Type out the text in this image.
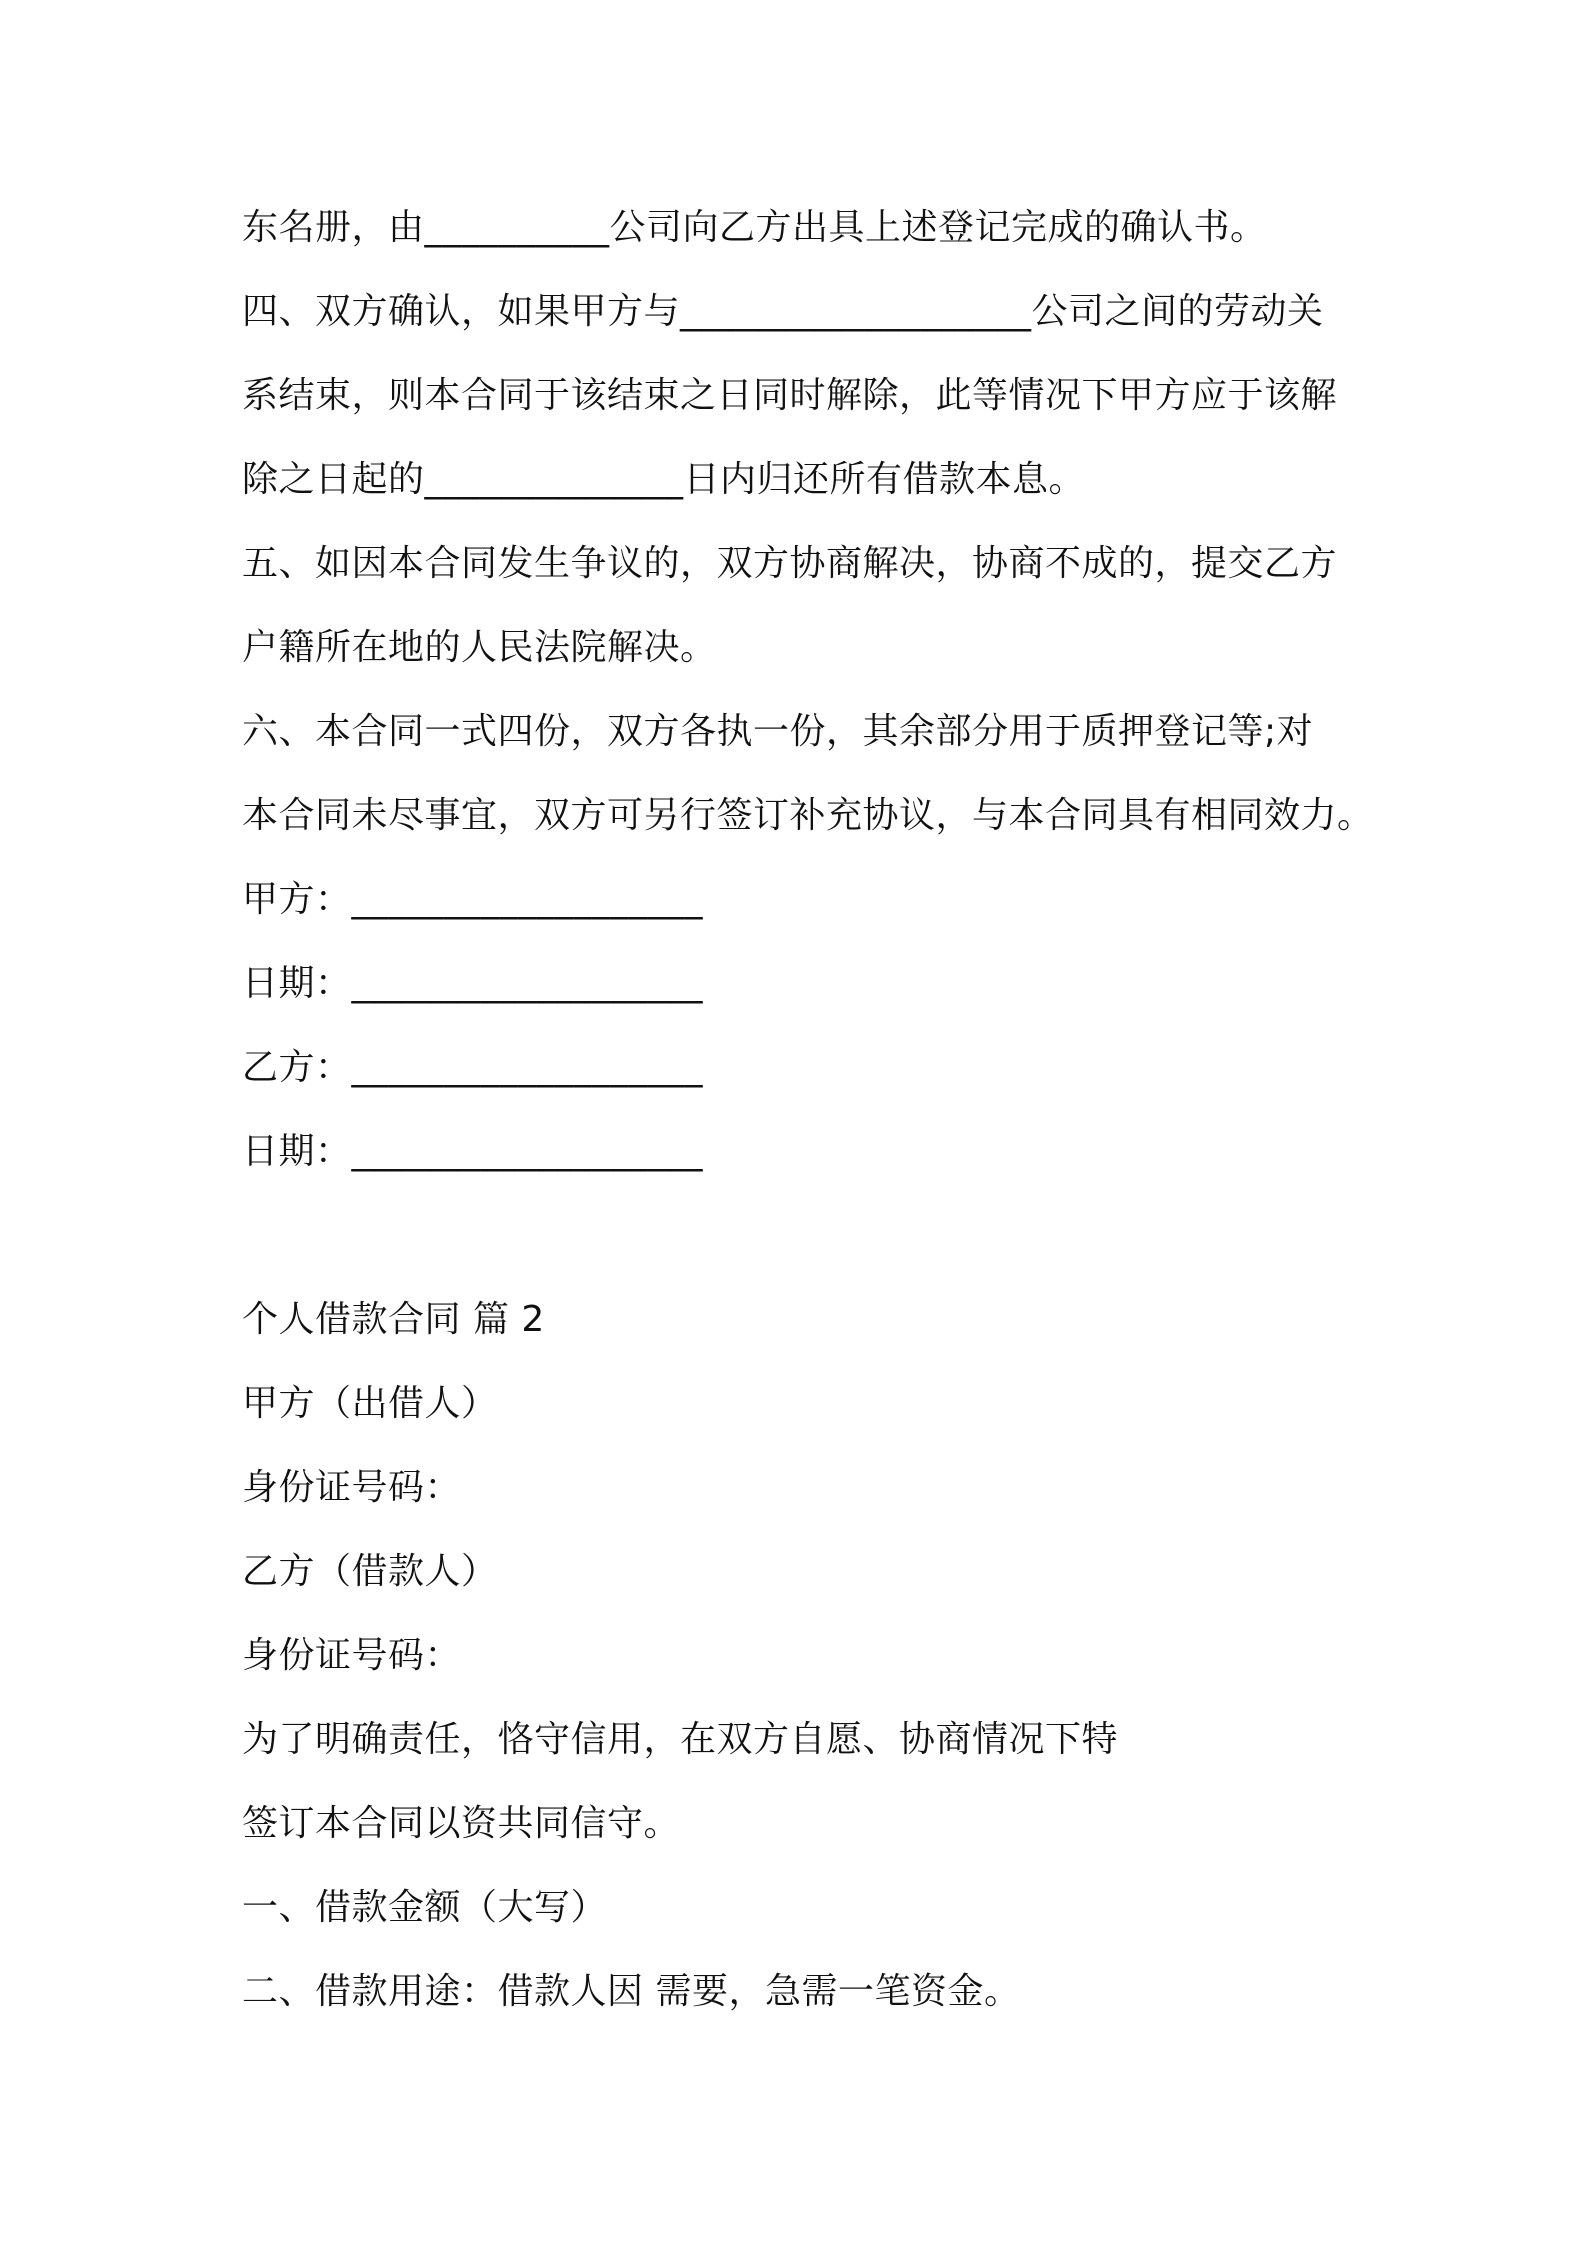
东名册，由__________公司向乙方出具上述登记完成的确认书。
四、双方确认，如果甲方与___________________公司之间的劳动关
系结束，则本合同于该结束之日同时解除，此等情况下甲方应于该解
除之日起的______________日内归还所有借款本息。
五、如因本合同发生争议的，双方协商解决，协商不成的，提交乙方
户籍所在地的人民法院解决。
六、本合同一式四份，双方各执一份，其余部分用于质押登记等;对
本合同未尽事宜，双方可另行签订补充协议，与本合同具有相同效力。
甲方：___________________
日期：___________________
乙方：___________________
日期：___________________
个人借款合同 篇 2
甲方（出借人）
身份证号码：
乙方（借款人）
身份证号码：
为了明确责任，恪守信用，在双方自愿、协商情况下特
签订本合同以资共同信守。
一、借款金额（大写）
二、借款用途：借款人因 需要，急需一笔资金。
